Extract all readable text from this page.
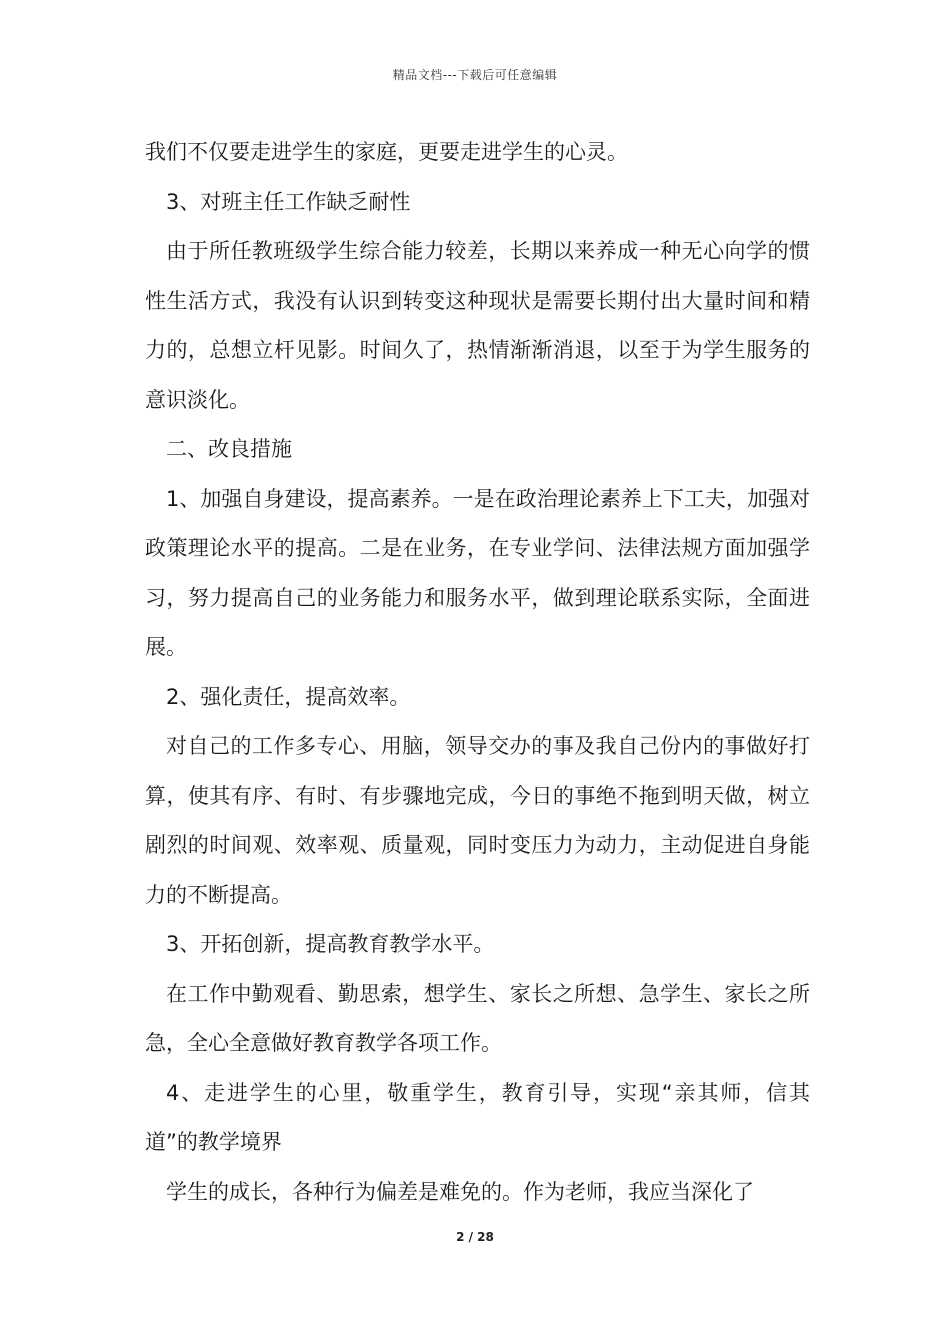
精品文档---下载后可任意编辑

我们不仅要走进学生的家庭，更要走进学生的心灵。

3、对班主任工作缺乏耐性

由于所任教班级学生综合能力较差，长期以来养成一种无心向学的惯性生活方式，我没有认识到转变这种现状是需要长期付出大量时间和精力的，总想立杆见影。时间久了，热情渐渐消退，以至于为学生服务的意识淡化。

二、改良措施

1、加强自身建设，提高素养。一是在政治理论素养上下工夫，加强对政策理论水平的提高。二是在业务，在专业学问、法律法规方面加强学习，努力提高自己的业务能力和服务水平，做到理论联系实际，全面进展。

2、强化责任，提高效率。

对自己的工作多专心、用脑，领导交办的事及我自己份内的事做好打算，使其有序、有时、有步骤地完成，今日的事绝不拖到明天做，树立剧烈的时间观、效率观、质量观，同时变压力为动力，主动促进自身能力的不断提高。

3、开拓创新，提高教育教学水平。

在工作中勤观看、勤思索，想学生、家长之所想、急学生、家长之所急，全心全意做好教育教学各项工作。

4、走进学生的心里，敬重学生，教育引导，实现“亲其师，信其道”的教学境界

学生的成长，各种行为偏差是难免的。作为老师，我应当深化了

2 / 28
